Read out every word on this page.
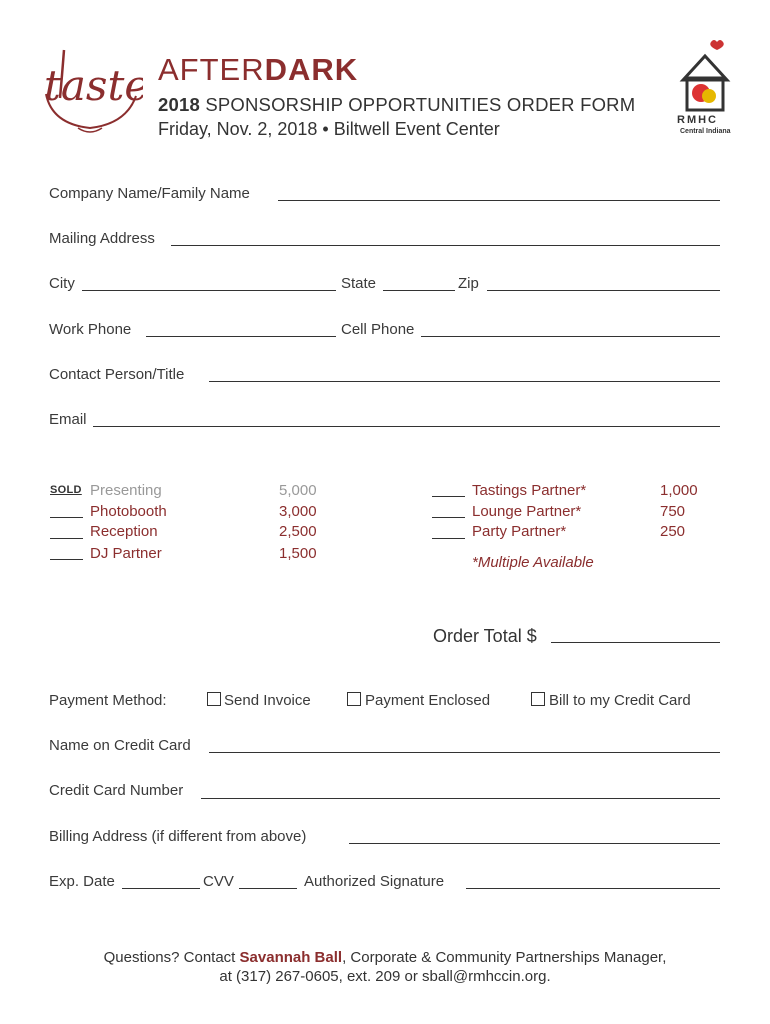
taste AFTERDARK
2018 SPONSORSHIP OPPORTUNITIES ORDER FORM
Friday, Nov. 2, 2018 • Biltwell Event Center	RMHC
Central Indiana
Company Name/Family Name
Mailing Address
City	State	Zip
Work Phone	Cell Phone
Contact Person/Title
Email
SOLD Presenting	5,000
Photobooth	3,000
Reception	2,500
DJ Partner	1,500
Tastings Partner*	1,000
Lounge Partner*	750
Party Partner*	250
*Multiple Available
Order Total $
Payment Method:	Send Invoice	Payment Enclosed	Bill to my Credit Card
Name on Credit Card
Credit Card Number
Billing Address (if different from above)
Exp. Date	CVV	Authorized Signature
Questions? Contact Savannah Ball, Corporate & Community Partnerships Manager,
at (317) 267-0605, ext. 209 or sball@rmhccin.org.
